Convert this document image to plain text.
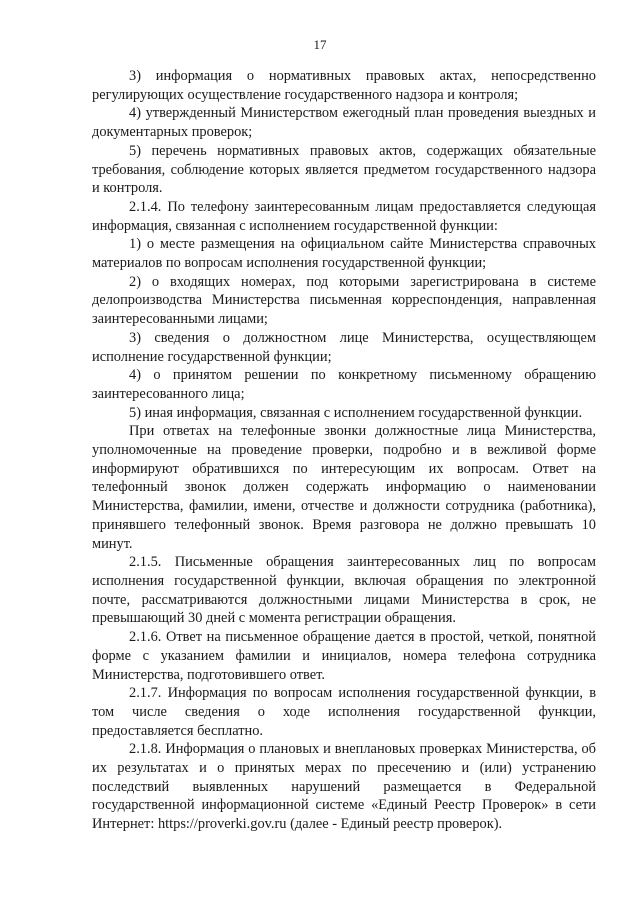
17

3) информация о нормативных правовых актах, непосредственно регулирующих осуществление государственного надзора и контроля;

4) утвержденный Министерством ежегодный план проведения выездных и документарных проверок;

5) перечень нормативных правовых актов, содержащих обязательные требования, соблюдение которых является предметом государственного надзора и контроля.

2.1.4. По телефону заинтересованным лицам предоставляется следующая информация, связанная с исполнением государственной функции:

1) о месте размещения на официальном сайте Министерства справочных материалов по вопросам исполнения государственной функции;

2) о входящих номерах, под которыми зарегистрирована в системе делопроизводства Министерства письменная корреспонденция, направленная заинтересованными лицами;

3) сведения о должностном лице Министерства, осуществляющем исполнение государственной функции;

4) о принятом решении по конкретному письменному обращению заинтересованного лица;

5) иная информация, связанная с исполнением государственной функции.

При ответах на телефонные звонки должностные лица Министерства, уполномоченные на проведение проверки, подробно и в вежливой форме информируют обратившихся по интересующим их вопросам. Ответ на телефонный звонок должен содержать информацию о наименовании Министерства, фамилии, имени, отчестве и должности сотрудника (работника), принявшего телефонный звонок. Время разговора не должно превышать 10 минут.

2.1.5. Письменные обращения заинтересованных лиц по вопросам исполнения государственной функции, включая обращения по электронной почте, рассматриваются должностными лицами Министерства в срок, не превышающий 30 дней с момента регистрации обращения.

2.1.6. Ответ на письменное обращение дается в простой, четкой, понятной форме с указанием фамилии и инициалов, номера телефона сотрудника Министерства, подготовившего ответ.

2.1.7. Информация по вопросам исполнения государственной функции, в том числе сведения о ходе исполнения государственной функции, предоставляется бесплатно.

2.1.8. Информация о плановых и внеплановых проверках Министерства, об их результатах и о принятых мерах по пресечению и (или) устранению последствий выявленных нарушений размещается в Федеральной государственной информационной системе «Единый Реестр Проверок» в сети Интернет: https://proverki.gov.ru (далее - Единый реестр проверок).
